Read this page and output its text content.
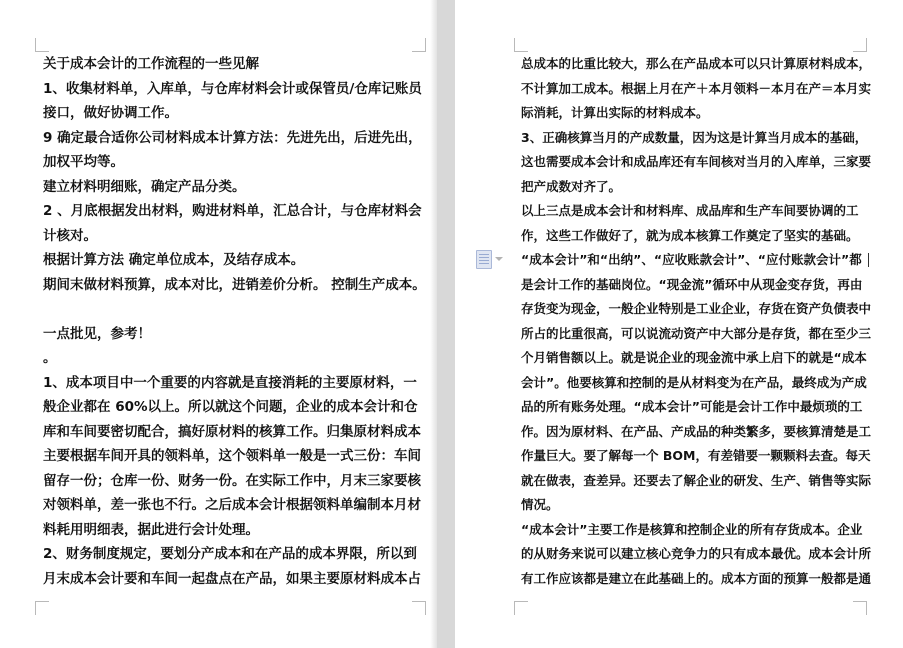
关于成本会计的工作流程的一些见解
1、收集材料单，入库单，与仓库材料会计或保管员/仓库记账员
接口，做好协调工作。
9 确定最合适你公司材料成本计算方法：先进先出，后进先出，
加权平均等。
建立材料明细账，确定产品分类。
2 、月底根据发出材料，购进材料单，汇总合计，与仓库材料会
计核对。
根据计算方法 确定单位成本，及结存成本。
期间末做材料预算，成本对比，进销差价分析。 控制生产成本。

一点批见，参考！
。
1、成本项目中一个重要的内容就是直接消耗的主要原材料，一
般企业都在 60%以上。所以就这个问题，企业的成本会计和仓
库和车间要密切配合，搞好原材料的核算工作。归集原材料成本
主要根据车间开具的领料单，这个领料单一般是一式三份：车间
留存一份；仓库一份、财务一份。在实际工作中，月末三家要核
对领料单，差一张也不行。之后成本会计根据领料单编制本月材
料耗用明细表，据此进行会计处理。
2、财务制度规定，要划分产成本和在产品的成本界限，所以到
月末成本会计要和车间一起盘点在产品，如果主要原材料成本占
总成本的比重比较大，那么在产品成本可以只计算原材料成本，
不计算加工成本。根据上月在产＋本月领料－本月在产＝本月实
际消耗，计算出实际的材料成本。
3、正确核算当月的产成数量，因为这是计算当月成本的基础，
这也需要成本会计和成品库还有车间核对当月的入库单，三家要
把产成数对齐了。
以上三点是成本会计和材料库、成品库和生产车间要协调的工
作，这些工作做好了，就为成本核算工作奠定了坚实的基础。
“成本会计”和“出纳”、“应收账款会计”、“应付账款会计”都
是会计工作的基础岗位。“现金流”循环中从现金变存货，再由
存货变为现金，一般企业特别是工业企业，存货在资产负债表中
所占的比重很高，可以说流动资产中大部分是存货，都在至少三
个月销售额以上。就是说企业的现金流中承上启下的就是“成本
会计”。他要核算和控制的是从材料变为在产品，最终成为产成
品的所有账务处理。“成本会计”可能是会计工作中最烦琐的工
作。因为原材料、在产品、产成品的种类繁多，要核算清楚是工
作量巨大。要了解每一个 BOM，有差错要一颗颗料去查。每天
就在做表，查差异。还要去了解企业的研发、生产、销售等实际
情况。
“成本会计”主要工作是核算和控制企业的所有存货成本。企业
的从财务来说可以建立核心竞争力的只有成本最优。成本会计所
有工作应该都是建立在此基础上的。成本方面的预算一般都是通
